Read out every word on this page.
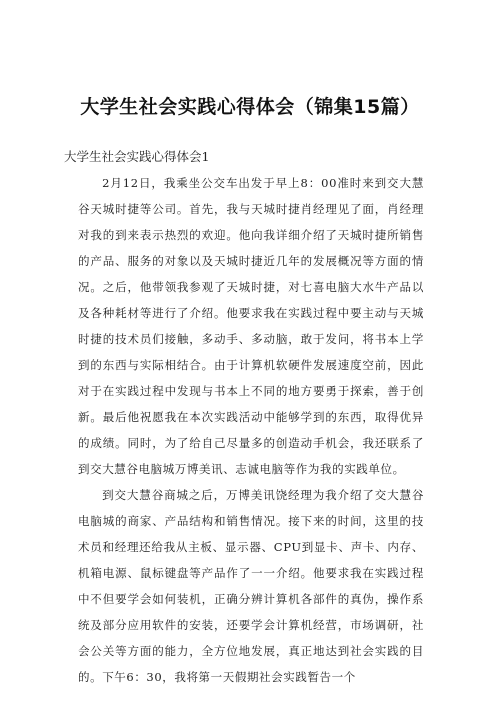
大学生社会实践心得体会（锦集15篇）
大学生社会实践心得体会1

2月12日，我乘坐公交车出发于早上8：00准时来到交大慧谷天城时捷等公司。首先，我与天城时捷肖经理见了面，肖经理对我的到来表示热烈的欢迎。他向我详细介绍了天城时捷所销售的产品、服务的对象以及天城时捷近几年的发展概况等方面的情况。之后，他带领我参观了天城时捷，对七喜电脑大水牛产品以及各种耗材等进行了介绍。他要求我在实践过程中要主动与天城时捷的技术员们接触，多动手、多动脑，敢于发问，将书本上学到的东西与实际相结合。由于计算机软硬件发展速度空前，因此对于在实践过程中发现与书本上不同的地方要勇于探索，善于创新。最后他祝愿我在本次实践活动中能够学到的东西，取得优异的成绩。同时，为了给自己尽量多的创造动手机会，我还联系了到交大慧谷电脑城万博美讯、志诚电脑等作为我的实践单位。

到交大慧谷商城之后，万博美讯饶经理为我介绍了交大慧谷电脑城的商家、产品结构和销售情况。接下来的时间，这里的技术员和经理还给我从主板、显示器、CPU到显卡、声卡、内存、机箱电源、鼠标键盘等产品作了一一介绍。他要求我在实践过程中不但要学会如何装机，正确分辨计算机各部件的真伪，操作系统及部分应用软件的安装，还要学会计算机经营，市场调研，社会公关等方面的能力，全方位地发展，真正地达到社会实践的目的。下午6：30，我将第一天假期社会实践暂告一个
